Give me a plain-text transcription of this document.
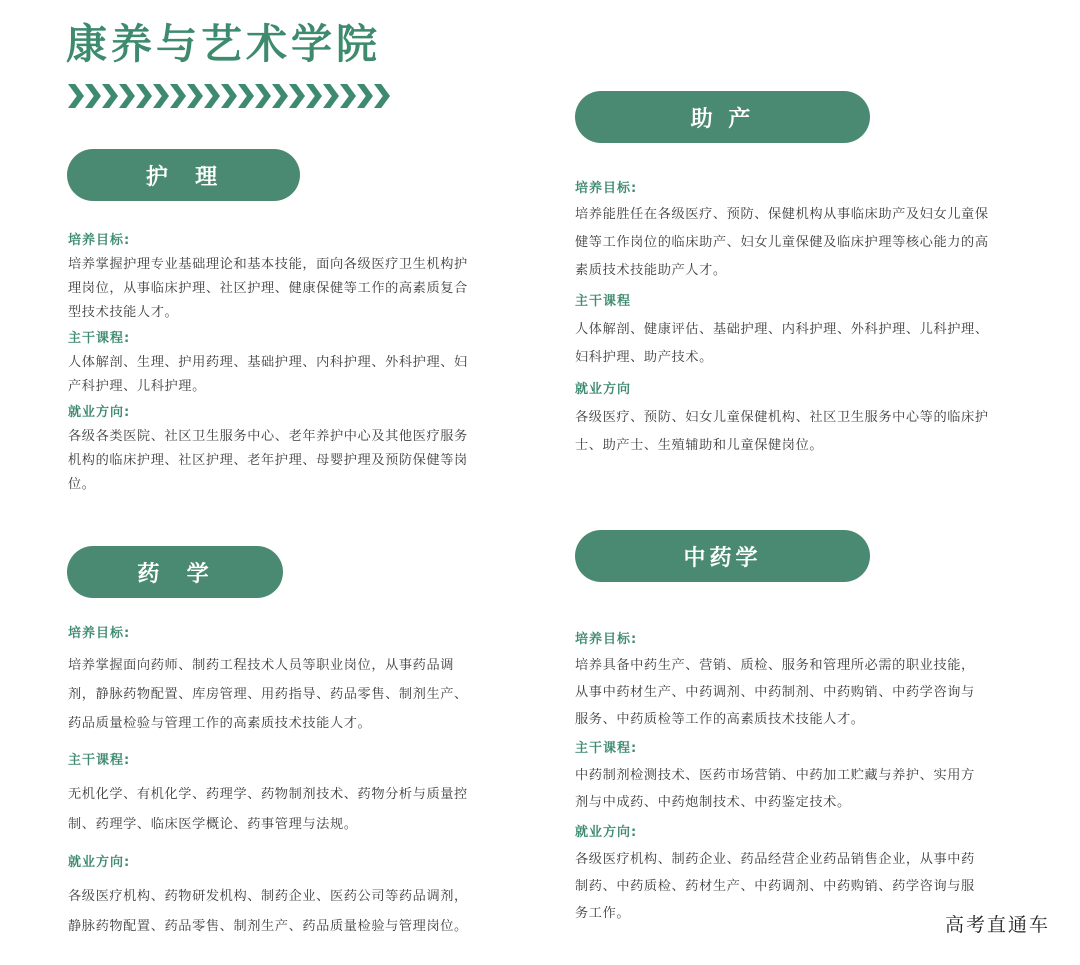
康养与艺术学院
护  理

培养目标:

培养掌握护理专业基础理论和基本技能，面向各级医疗卫生机构护理岗位，从事临床护理、社区护理、健康保健等工作的高素质复合型技术技能人才。

主干课程:

人体解剖、生理、护用药理、基础护理、内科护理、外科护理、妇产科护理、儿科护理。

就业方向:

各级各类医院、社区卫生服务中心、老年养护中心及其他医疗服务机构的临床护理、社区护理、老年护理、母婴护理及预防保健等岗位。

助 产

培养目标:

培养能胜任在各级医疗、预防、保健机构从事临床助产及妇女儿童保健等工作岗位的临床助产、妇女儿童保健及临床护理等核心能力的高素质技术技能助产人才。

主干课程

人体解剖、健康评估、基础护理、内科护理、外科护理、儿科护理、妇科护理、助产技术。

就业方向

各级医疗、预防、妇女儿童保健机构、社区卫生服务中心等的临床护士、助产士、生殖辅助和儿童保健岗位。

药  学

培养目标:

培养掌握面向药师、制药工程技术人员等职业岗位，从事药品调剂，静脉药物配置、库房管理、用药指导、药品零售、制剂生产、药品质量检验与管理工作的高素质技术技能人才。

主干课程:

无机化学、有机化学、药理学、药物制剂技术、药物分析与质量控制、药理学、临床医学概论、药事管理与法规。

就业方向:

各级医疗机构、药物研发机构、制药企业、医药公司等药品调剂，静脉药物配置、药品零售、制剂生产、药品质量检验与管理岗位。

中药学

培养目标:

培养具备中药生产、营销、质检、服务和管理所必需的职业技能，从事中药材生产、中药调剂、中药制剂、中药购销、中药学咨询与服务、中药质检等工作的高素质技术技能人才。

主干课程:

中药制剂检测技术、医药市场营销、中药加工贮藏与养护、实用方剂与中成药、中药炮制技术、中药鉴定技术。

就业方向:

各级医疗机构、制药企业、药品经营企业药品销售企业，从事中药制药、中药质检、药材生产、中药调剂、中药购销、药学咨询与服务工作。

高考直通车
